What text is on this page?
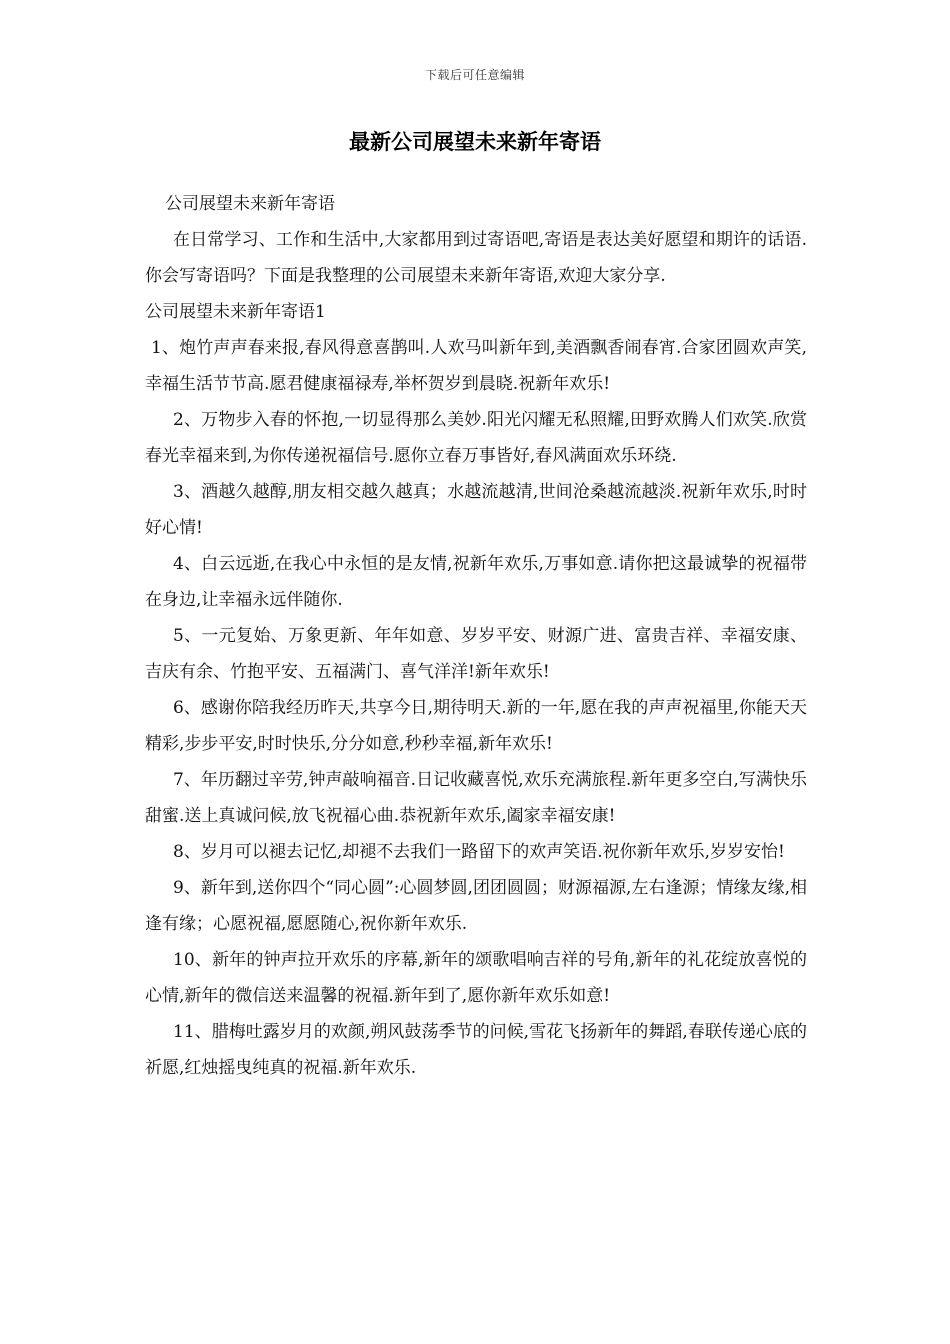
下载后可任意编辑
最新公司展望未来新年寄语

公司展望未来新年寄语

在日常学习、工作和生活中,大家都用到过寄语吧,寄语是表达美好愿望和期许的话语.你会写寄语吗？下面是我整理的公司展望未来新年寄语,欢迎大家分享.

公司展望未来新年寄语1

1、炮竹声声春来报,春风得意喜鹊叫.人欢马叫新年到,美酒飘香闹春宵.合家团圆欢声笑,幸福生活节节高.愿君健康福禄寿,举杯贺岁到晨晓.祝新年欢乐!

2、万物步入春的怀抱,一切显得那么美妙.阳光闪耀无私照耀,田野欢腾人们欢笑.欣赏春光幸福来到,为你传递祝福信号.愿你立春万事皆好,春风满面欢乐环绕.

3、酒越久越醇,朋友相交越久越真；水越流越清,世间沧桑越流越淡.祝新年欢乐,时时好心情!

4、白云远逝,在我心中永恒的是友情,祝新年欢乐,万事如意.请你把这最诚挚的祝福带在身边,让幸福永远伴随你.

5、一元复始、万象更新、年年如意、岁岁平安、财源广进、富贵吉祥、幸福安康、吉庆有余、竹抱平安、五福满门、喜气洋洋!新年欢乐!

6、感谢你陪我经历昨天,共享今日,期待明天.新的一年,愿在我的声声祝福里,你能天天精彩,步步平安,时时快乐,分分如意,秒秒幸福,新年欢乐!

7、年历翻过辛劳,钟声敲响福音.日记收藏喜悦,欢乐充满旅程.新年更多空白,写满快乐甜蜜.送上真诚问候,放飞祝福心曲.恭祝新年欢乐,阖家幸福安康!

8、岁月可以褪去记忆,却褪不去我们一路留下的欢声笑语.祝你新年欢乐,岁岁安怡!

9、新年到,送你四个“同心圆”:心圆梦圆,团团圆圆；财源福源,左右逢源；情缘友缘,相逢有缘；心愿祝福,愿愿随心,祝你新年欢乐.

10、新年的钟声拉开欢乐的序幕,新年的颂歌唱响吉祥的号角,新年的礼花绽放喜悦的心情,新年的微信送来温馨的祝福.新年到了,愿你新年欢乐如意!

11、腊梅吐露岁月的欢颜,朔风鼓荡季节的问候,雪花飞扬新年的舞蹈,春联传递心底的祈愿,红烛摇曳纯真的祝福.新年欢乐.
